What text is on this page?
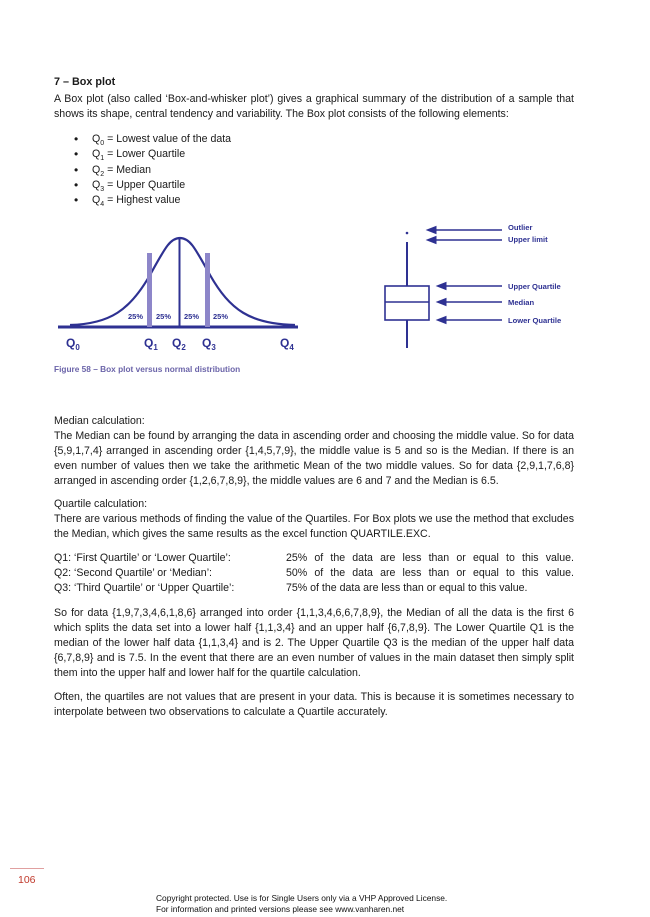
7 – Box plot
A Box plot (also called ‘Box-and-whisker plot’) gives a graphical summary of the distribution of a sample that shows its shape, central tendency and variability. The Box plot consists of the following elements:
• $Q_0$ = Lowest value of the data
• $Q_1$ = Lower Quartile
• $Q_2$ = Median
• $Q_3$ = Upper Quartile
• $Q_4$ = Highest value
25% 25% 25% 25%
$Q_0$	$Q_1$ $Q_2$ $Q_3$	$Q_4$
Outlier
Upper limit
Upper Quartile
Median
Lower Quartile
Figure 58 – Box plot versus normal distribution
Median calculation:
The Median can be found by arranging the data in ascending order and choosing the middle value. So for data {5,9,1,7,4} arranged in ascending order {1,4,5,7,9}, the middle value is 5 and so is the Median. If there is an even number of values then we take the arithmetic Mean of the two middle values. So for data {2,9,1,7,6,8} arranged in ascending order {1,2,6,7,8,9}, the middle values are 6 and 7 and the Median is 6.5.
Quartile calculation:
There are various methods of finding the value of the Quartiles. For Box plots we use the method that excludes the Median, which gives the same results as the excel function QUARTILE.EXC.
Q1: ‘First Quartile’ or ‘Lower Quartile’:	25% of the data are less than or equal to this value.
Q2: ‘Second Quartile’ or ‘Median’:	50% of the data are less than or equal to this value.
Q3: ‘Third Quartile’ or ‘Upper Quartile’:	75% of the data are less than or equal to this value.
So for data {1,9,7,3,4,6,1,8,6} arranged into order {1,1,3,4,6,6,7,8,9}, the Median of all the data is the first 6 which splits the data set into a lower half {1,1,3,4} and an upper half {6,7,8,9}. The Lower Quartile Q1 is the median of the lower half data {1,1,3,4} and is 2. The Upper Quartile Q3 is the median of the upper half data {6,7,8,9} and is 7.5. In the event that there are an even number of values in the main dataset then simply split them into the upper half and lower half for the quartile calculation.
Often, the quartiles are not values that are present in your data. This is because it is sometimes necessary to interpolate between two observations to calculate a Quartile accurately.
106
Copyright protected. Use is for Single Users only via a VHP Approved License.
For information and printed versions please see www.vanharen.net
